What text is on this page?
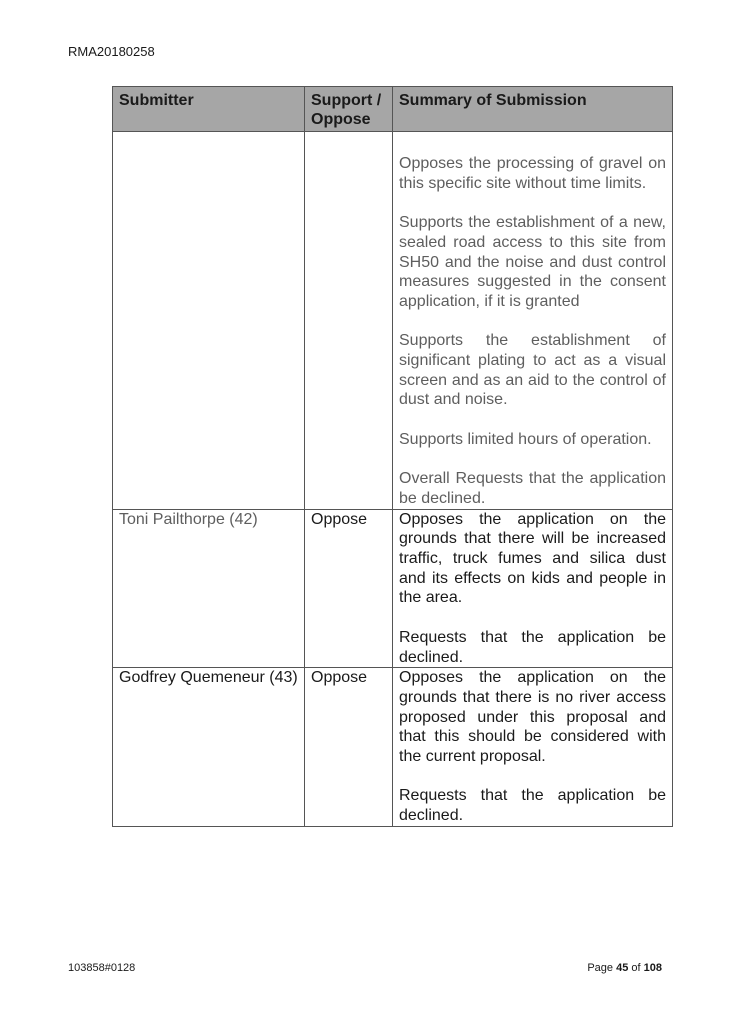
RMA20180258
Submitter	Support / Oppose	Summary of Submission

		Opposes the processing of gravel on this specific site without time limits.

Supports the establishment of a new, sealed road access to this site from SH50 and the noise and dust control measures suggested in the consent application, if it is granted

Supports the establishment of significant plating to act as a visual screen and as an aid to the control of dust and noise.

Supports limited hours of operation.

Overall Requests that the application be declined.

Toni Pailthorpe (42)	Oppose	Opposes the application on the grounds that there will be increased traffic, truck fumes and silica dust and its effects on kids and people in the area.

Requests that the application be declined.

Godfrey Quemeneur (43)	Oppose	Opposes the application on the grounds that there is no river access proposed under this proposal and that this should be considered with the current proposal.

Requests that the application be declined.

103858#0128	Page 45 of 108
